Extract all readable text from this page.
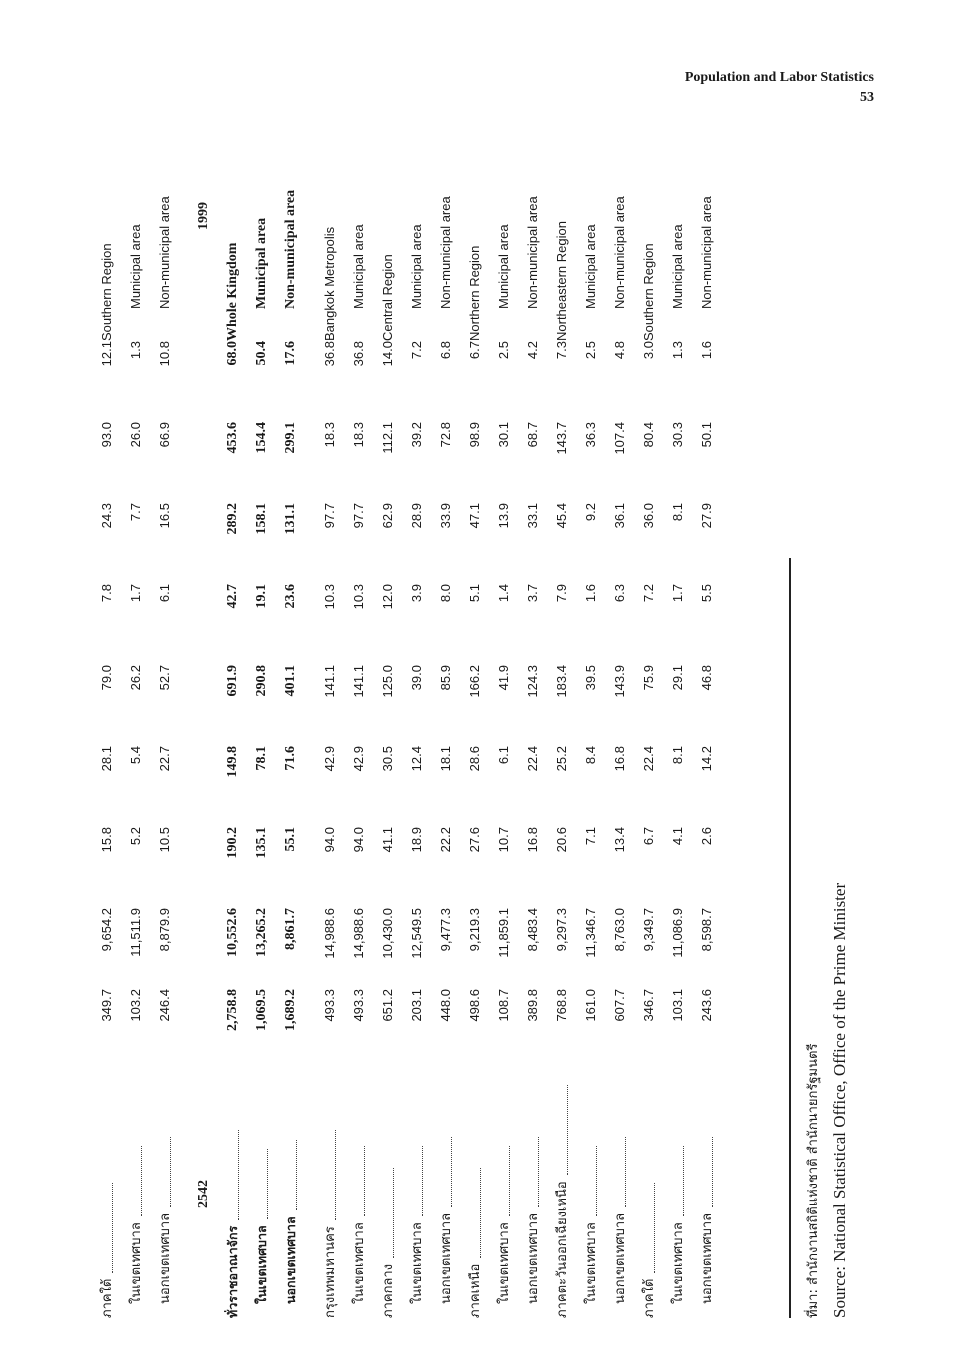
Population and Labor Statistics
53
ภาคใต้	349.7	9,654.2	15.8	28.1	79.0	7.8	24.3	93.0	12.1	Southern Region
ในเขตเทศบาล	103.2	11,511.9	5.2	5.4	26.2	1.7	7.7	26.0	1.3	Municipal area
นอกเขตเทศบาล	246.4	8,879.9	10.5	22.7	52.7	6.1	16.5	66.9	10.8	Non-municipal area

2542										1999
ทั่วราชอาณาจักร	2,758.8	10,552.6	190.2	149.8	691.9	42.7	289.2	453.6	68.0	Whole Kingdom
ในเขตเทศบาล	1,069.5	13,265.2	135.1	78.1	290.8	19.1	158.1	154.4	50.4	Municipal area
นอกเขตเทศบาล	1,689.2	8,861.7	55.1	71.6	401.1	23.6	131.1	299.1	17.6	Non-municipal area

กรุงเทพมหานคร	493.3	14,988.6	94.0	42.9	141.1	10.3	97.7	18.3	36.8	Bangkok Metropolis
ในเขตเทศบาล	493.3	14,988.6	94.0	42.9	141.1	10.3	97.7	18.3	36.8	Municipal area
ภาคกลาง	651.2	10,430.0	41.1	30.5	125.0	12.0	62.9	112.1	14.0	Central Region
ในเขตเทศบาล	203.1	12,549.5	18.9	12.4	39.0	3.9	28.9	39.2	7.2	Municipal area
นอกเขตเทศบาล	448.0	9,477.3	22.2	18.1	85.9	8.0	33.9	72.8	6.8	Non-municipal area
ภาคเหนือ	498.6	9,219.3	27.6	28.6	166.2	5.1	47.1	98.9	6.7	Northern Region
ในเขตเทศบาล	108.7	11,859.1	10.7	6.1	41.9	1.4	13.9	30.1	2.5	Municipal area
นอกเขตเทศบาล	389.8	8,483.4	16.8	22.4	124.3	3.7	33.1	68.7	4.2	Non-municipal area
ภาคตะวันออกเฉียงเหนือ	768.8	9,297.3	20.6	25.2	183.4	7.9	45.4	143.7	7.3	Northeastern Region
ในเขตเทศบาล	161.0	11,346.7	7.1	8.4	39.5	1.6	9.2	36.3	2.5	Municipal area
นอกเขตเทศบาล	607.7	8,763.0	13.4	16.8	143.9	6.3	36.1	107.4	4.8	Non-municipal area
ภาคใต้	346.7	9,349.7	6.7	22.4	75.9	7.2	36.0	80.4	3.0	Southern Region
ในเขตเทศบาล	103.1	11,086.9	4.1	8.1	29.1	1.7	8.1	30.3	1.3	Municipal area
นอกเขตเทศบาล	243.6	8,598.7	2.6	14.2	46.8	5.5	27.9	50.1	1.6	Non-municipal area
ที่มา: สำนักงานสถิติแห่งชาติ สำนักนายกรัฐมนตรี Source: National Statistical Office, Office of the Prime Minister
